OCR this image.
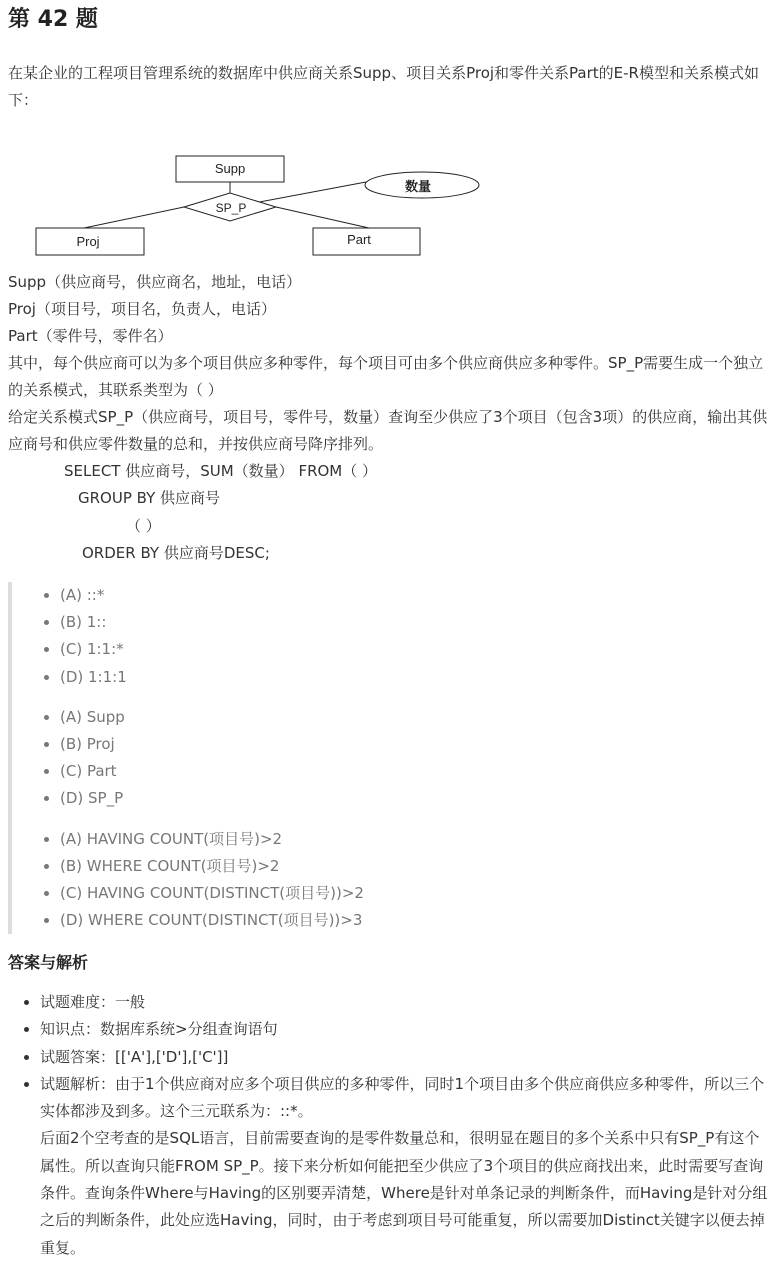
第 42 题
在某企业的工程项目管理系统的数据库中供应商关系Supp、项目关系Proj和零件关系Part的E-R模型和关系模式如下：
Supp
SP_P
数量
Proj	Part

Supp（供应商号，供应商名，地址，电话）

Proj（项目号，项目名，负责人，电话）

Part（零件号，零件名）

其中，每个供应商可以为多个项目供应多种零件，每个项目可由多个供应商供应多种零件。SP_P需要生成一个独立的关系模式，其联系类型为（ ）

给定关系模式SP_P（供应商号，项目号，零件号，数量）查询至少供应了3个项目（包含3项）的供应商，输出其供应商号和供应零件数量的总和，并按供应商号降序排列。

SELECT 供应商号，SUM（数量） FROM（ ）

GROUP BY 供应商号

（ ）

ORDER BY 供应商号DESC;

• (A) ::*
• (B) 1::
• (C) 1:1:*
• (D) 1:1:1
• (A) Supp
• (B) Proj
• (C) Part
• (D) SP_P
• (A) HAVING COUNT(项目号)>2
• (B) WHERE COUNT(项目号)>2
• (C) HAVING COUNT(DISTINCT(项目号))>2
• (D) WHERE COUNT(DISTINCT(项目号))>3
答案与解析
• 试题难度：一般
• 知识点：数据库系统>分组查询语句
• 试题答案：[['A'],['D'],['C']]

• 试题解析：由于1个供应商对应多个项目供应的多种零件，同时1个项目由多个供应商供应多种零件，所以三个实体都涉及到多。这个三元联系为：::*。

后面2个空考查的是SQL语言，目前需要查询的是零件数量总和，很明显在题目的多个关系中只有SP_P有这个属性。所以查询只能FROM SP_P。接下来分析如何能把至少供应了3个项目的供应商找出来，此时需要写查询条件。查询条件Where与Having的区别要弄清楚，Where是针对单条记录的判断条件，而Having是针对分组之后的判断条件，此处应选Having，同时，由于考虑到项目号可能重复，所以需要加Distinct关键字以便去掉重复。
